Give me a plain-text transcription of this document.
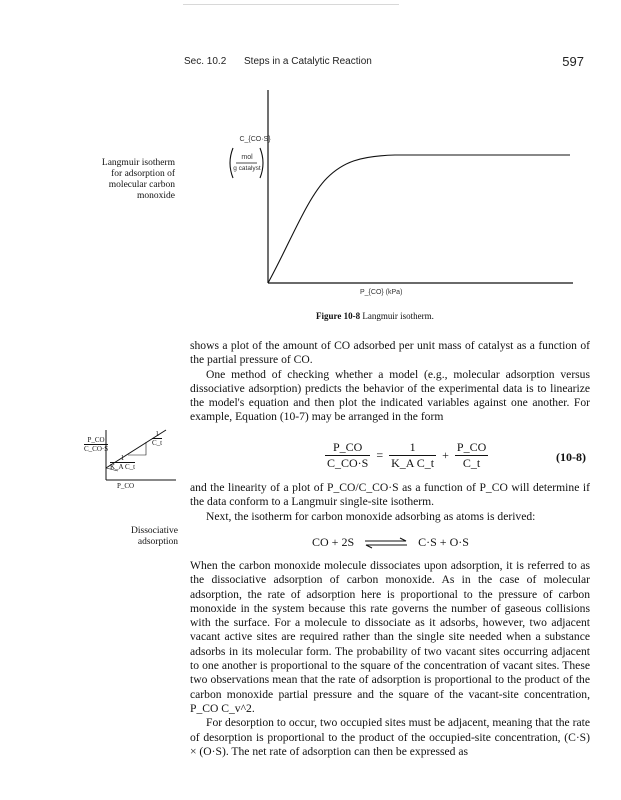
Sec. 10.2 Steps in a Catalytic Reaction	597
Langmuir isotherm
for adsorption of
molecular carbon
monoxide
C_{CO·S}
mol
g catalyst
P_{CO} (kPa)
Figure 10-8 Langmuir isotherm.

shows a plot of the amount of CO adsorbed per unit mass of catalyst as a function of the partial pressure of CO.

One method of checking whether a model (e.g., molecular adsorption versus dissociative adsorption) predicts the behavior of the experimental data is to linearize the model's equation and then plot the indicated variables against one another. For example, Equation (10-7) may be arranged in the form

$\frac{P\_CO}{C\_CO\cdot S}$	$\frac{1}{C\_t}$
$\frac{1}{\text{K\_A C\_t}}$
P_CO
$\frac{P\_CO}{C\_CO\cdot S} = \frac{1}{\text{K\_A C\_t}} + \frac{P\_CO}{C\_t}$	(10-8)

and the linearity of a plot of P_CO/C_CO·S as a function of P_CO will determine if the data conform to a Langmuir single-site isotherm.

Next, the isotherm for carbon monoxide adsorbing as atoms is derived:

Dissociative
adsorption	CO + 2S ⇌ C·S + O·S

When the carbon monoxide molecule dissociates upon adsorption, it is referred to as the dissociative adsorption of carbon monoxide. As in the case of molecular adsorption, the rate of adsorption here is proportional to the pressure of carbon monoxide in the system because this rate governs the number of gaseous collisions with the surface. For a molecule to dissociate as it adsorbs, however, two adjacent vacant active sites are required rather than the single site needed when a substance adsorbs in its molecular form. The probability of two vacant sites occurring adjacent to one another is proportional to the square of the concentration of vacant sites. These two observations mean that the rate of adsorption is proportional to the product of the carbon monoxide partial pressure and the square of the vacant-site concentration, P_CO C_v^2.

For desorption to occur, two occupied sites must be adjacent, meaning that the rate of desorption is proportional to the product of the occupied-site concentration, (C·S) × (O·S). The net rate of adsorption can then be expressed as
